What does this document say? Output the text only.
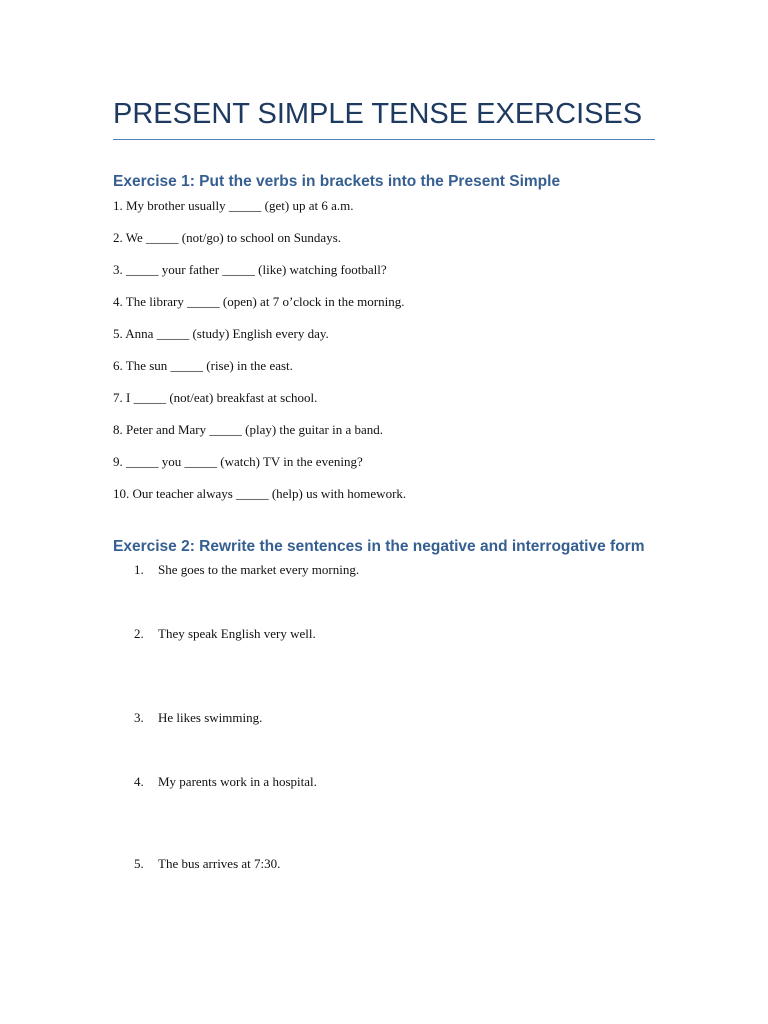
PRESENT SIMPLE TENSE EXERCISES
Exercise 1: Put the verbs in brackets into the Present Simple
1. My brother usually _____ (get) up at 6 a.m.
2. We _____ (not/go) to school on Sundays.
3. _____ your father _____ (like) watching football?
4. The library _____ (open) at 7 o’clock in the morning.
5. Anna _____ (study) English every day.
6. The sun _____ (rise) in the east.
7. I _____ (not/eat) breakfast at school.
8. Peter and Mary _____ (play) the guitar in a band.
9. _____ you _____ (watch) TV in the evening?
10. Our teacher always _____ (help) us with homework.
Exercise 2: Rewrite the sentences in the negative and interrogative form
1.	She goes to the market every morning.
2.	They speak English very well.
3.	He likes swimming.
4.	My parents work in a hospital.
5.	The bus arrives at 7:30.
